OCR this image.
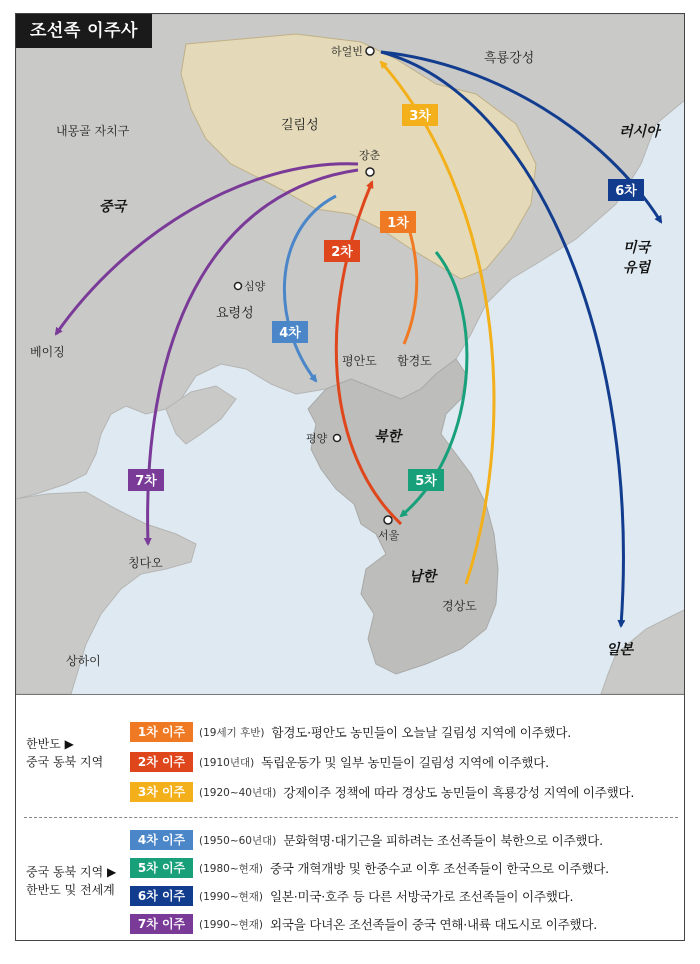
하얼빈	흑룡강성
러시아
내몽골 자치구	길림성
장춘
중국
미국
유럽
심양
요령성
베이징
평안도 함경도
평양	북한
서울
남한
경상도
칭다오
상하이
일본
1차
2차
3차
4차
5차
6차
7차
조선족 이주사
한반도 ▶
중국 동북 지역
1차 이주	(19세기 후반) 함경도·평안도 농민들이 오늘날 길림성 지역에 이주했다.
2차 이주	(1910년대) 독립운동가 및 일부 농민들이 길림성 지역에 이주했다.
3차 이주	(1920~40년대) 강제이주 정책에 따라 경상도 농민들이 흑룡강성 지역에 이주했다.
중국 동북 지역 ▶
한반도 및 전세계
4차 이주	(1950~60년대) 문화혁명·대기근을 피하려는 조선족들이 북한으로 이주했다.
5차 이주	(1980~현재) 중국 개혁개방 및 한중수교 이후 조선족들이 한국으로 이주했다.
6차 이주	(1990~현재) 일본·미국·호주 등 다른 서방국가로 조선족들이 이주했다.
7차 이주	(1990~현재) 외국을 다녀온 조선족들이 중국 연해·내륙 대도시로 이주했다.
